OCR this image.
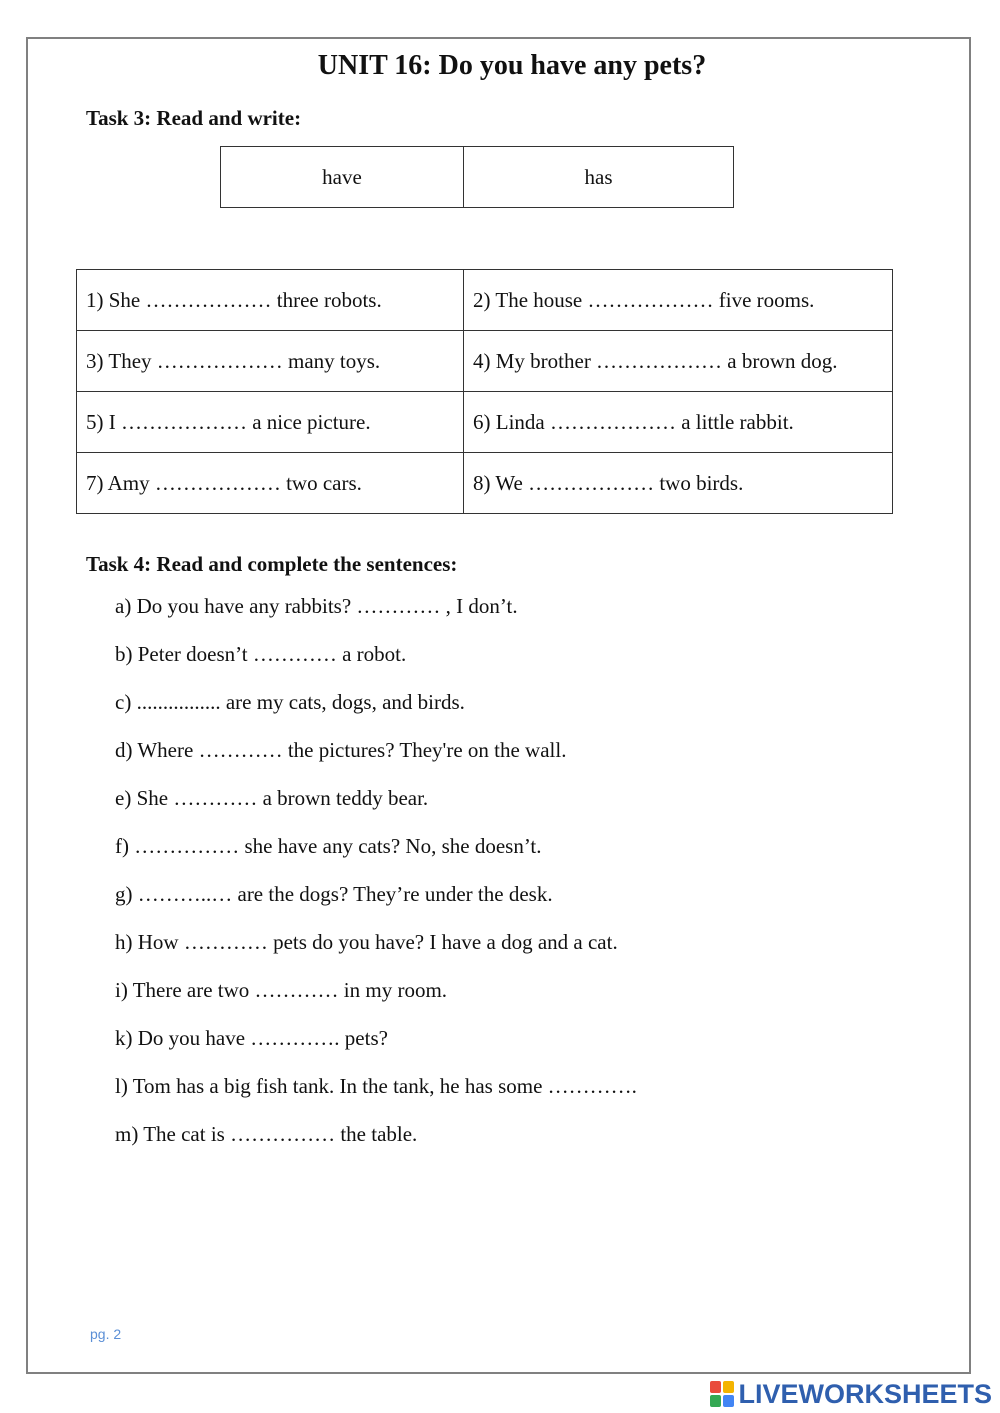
UNIT 16: Do you have any pets?
Task 3: Read and write:
have	has
1) She ……………… three robots.	2) The house ……………… five rooms.
3) They ……………… many toys.	4) My brother ……………… a brown dog.
5) I ……………… a nice picture.	6) Linda ……………… a little rabbit.
7) Amy ……………… two cars.	8) We ……………… two birds.
Task 4: Read and complete the sentences:
a) Do you have any rabbits? ………… , I don’t.
b) Peter doesn’t ………… a robot.
c) ................ are my cats, dogs, and birds.
d) Where ………… the pictures? They're on the wall.
e) She ………… a brown teddy bear.
f) …………… she have any cats? No, she doesn’t.
g) ………..… are the dogs? They’re under the desk.
h) How ………… pets do you have? I have a dog and a cat.
i) There are two ………… in my room.
k) Do you have …………. pets?
l) Tom has a big fish tank. In the tank, he has some ………….
m) The cat is …………… the table.
pg. 2
LIVEWORKSHEETS
